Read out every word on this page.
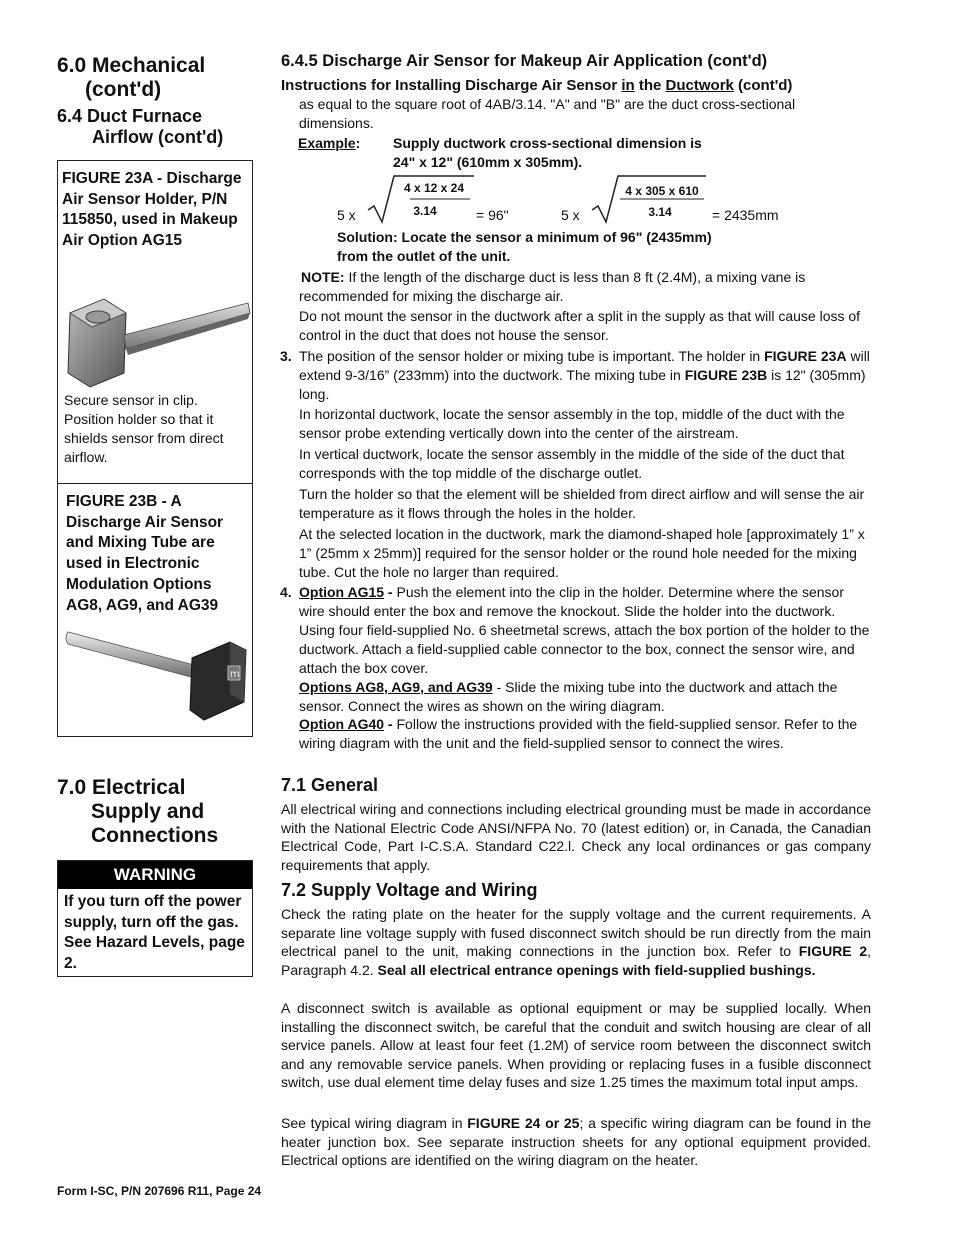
6.0 Mechanical
(cont'd)
6.4 Duct Furnace
Airflow (cont'd)
FIGURE 23A - Discharge Air Sensor Holder, P/N 115850, used in Makeup Air Option AG15
Secure sensor in clip. Position holder so that it shields sensor from direct airflow.
FIGURE 23B - A Discharge Air Sensor and Mixing Tube are used in Electronic Modulation Options AG8, AG9, and AG39
m
7.0 Electrical
Supply and
Connections
WARNING
If you turn off the power supply, turn off the gas. See Hazard Levels, page 2.
6.4.5 Discharge Air Sensor for Makeup Air Application (cont'd)
Instructions for Installing Discharge Air Sensor in the Ductwork (cont'd)
as equal to the square root of 4AB/3.14. "A" and "B" are the duct cross-sectional dimensions.
Example: Supply ductwork cross-sectional dimension is
24" x 12" (610mm x 305mm).
5 x
4 x 12 x 24
3.14	= 96"	5 x
4 x 305 x 610
3.14	= 2435mm
Solution: Locate the sensor a minimum of 96" (2435mm)
from the outlet of the unit.
NOTE: If the length of the discharge duct is less than 8 ft (2.4M), a mixing vane is recommended for mixing the discharge air.
Do not mount the sensor in the ductwork after a split in the supply as that will cause loss of control in the duct that does not house the sensor.
3. The position of the sensor holder or mixing tube is important. The holder in FIGURE 23A will extend 9-3/16” (233mm) into the ductwork. The mixing tube in FIGURE 23B is 12" (305mm) long.
In horizontal ductwork, locate the sensor assembly in the top, middle of the duct with the sensor probe extending vertically down into the center of the airstream.
In vertical ductwork, locate the sensor assembly in the middle of the side of the duct that corresponds with the top middle of the discharge outlet.
Turn the holder so that the element will be shielded from direct airflow and will sense the air temperature as it flows through the holes in the holder.
At the selected location in the ductwork, mark the diamond-shaped hole [approximately 1” x 1” (25mm x 25mm)] required for the sensor holder or the round hole needed for the mixing tube. Cut the hole no larger than required.
4. Option AG15 - Push the element into the clip in the holder. Determine where the sensor wire should enter the box and remove the knockout. Slide the holder into the ductwork. Using four field-supplied No. 6 sheetmetal screws, attach the box portion of the holder to the ductwork. Attach a field-supplied cable connector to the box, connect the sensor wire, and attach the box cover.
Options AG8, AG9, and AG39 - Slide the mixing tube into the ductwork and attach the sensor. Connect the wires as shown on the wiring diagram.
Option AG40 - Follow the instructions provided with the field-supplied sensor. Refer to the wiring diagram with the unit and the field-supplied sensor to connect the wires.
7.1 General
All electrical wiring and connections including electrical grounding must be made in accordance with the National Electric Code ANSI/NFPA No. 70 (latest edition) or, in Canada, the Canadian Electrical Code, Part I-C.S.A. Standard C22.l. Check any local ordinances or gas company requirements that apply.
7.2 Supply Voltage and Wiring
Check the rating plate on the heater for the supply voltage and the current requirements. A separate line voltage supply with fused disconnect switch should be run directly from the main electrical panel to the unit, making connections in the junction box. Refer to FIGURE 2, Paragraph 4.2. Seal all electrical entrance openings with field-supplied bushings.
A disconnect switch is available as optional equipment or may be supplied locally. When installing the disconnect switch, be careful that the conduit and switch housing are clear of all service panels. Allow at least four feet (1.2M) of service room between the disconnect switch and any removable service panels. When providing or replacing fuses in a fusible disconnect switch, use dual element time delay fuses and size 1.25 times the maximum total input amps.
See typical wiring diagram in FIGURE 24 or 25; a specific wiring diagram can be found in the heater junction box. See separate instruction sheets for any optional equipment provided. Electrical options are identified on the wiring diagram on the heater.
Form I-SC, P/N 207696 R11, Page 24
